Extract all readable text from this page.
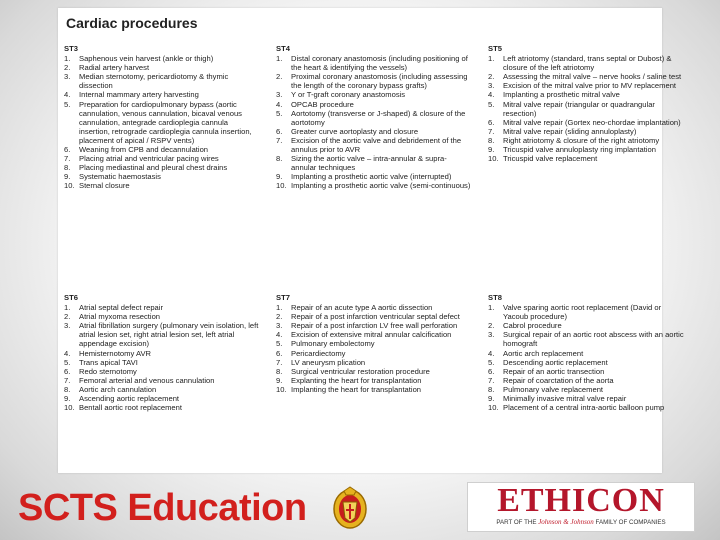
Cardiac procedures
ST3
1.	Saphenous vein harvest (ankle or thigh)
2.	Radial artery harvest
3.	Median sternotomy, pericardiotomy & thymic dissection
4.	Internal mammary artery harvesting
5.	Preparation for cardiopulmonary bypass (aortic cannulation, venous cannulation, bicaval venous cannulation, antegrade cardioplegia cannula insertion, retrograde cardioplegia cannula insertion, placement of apical / RSPV vents)
6.	Weaning from CPB and decannulation
7.	Placing atrial and ventricular pacing wires
8.	Placing mediastinal and pleural chest drains
9.	Systematic haemostasis
10. Sternal closure
ST4
1.	Distal coronary anastomosis (including positioning of the heart & identifying the vessels)
2.	Proximal coronary anastomosis (including assessing the length of the coronary bypass grafts)
3.	Y or T-graft coronary anastomosis
4.	OPCAB procedure
5.	Aortotomy (transverse or J-shaped) & closure of the aortotomy
6.	Greater curve aortoplasty and closure
7.	Excision of the aortic valve and debridement of the annulus prior to AVR
8.	Sizing the aortic valve – intra-annular & supra-annular techniques
9.	Implanting a prosthetic aortic valve (interrupted)
10. Implanting a prosthetic aortic valve (semi-continuous)
ST5
1.	Left atriotomy (standard, trans septal or Dubost) & closure of the left atriotomy
2.	Assessing the mitral valve – nerve hooks / saline test
3.	Excision of the mitral valve prior to MV replacement
4.	Implanting a prosthetic mitral valve
5.	Mitral valve repair (triangular or quadrangular resection)
6.	Mitral valve repair (Gortex neo-chordae implantation)
7.	Mitral valve repair (sliding annuloplasty)
8.	Right atriotomy & closure of the right atriotomy
9.	Tricuspid valve annuloplasty ring implantation
10. Tricuspid valve replacement
ST6
1.	Atrial septal defect repair
2.	Atrial myxoma resection
3.	Atrial fibrillation surgery (pulmonary vein isolation, left atrial lesion set, right atrial lesion set, left atrial appendage excision)
4.	Hemisternotomy AVR
5.	Trans apical TAVI
6.	Redo sternotomy
7.	Femoral arterial and venous cannulation
8.	Aortic arch cannulation
9.	Ascending aortic replacement
10. Bentall aortic root replacement
ST7
1.	Repair of an acute type A aortic dissection
2.	Repair of a post infarction ventricular septal defect
3.	Repair of a post infarction LV free wall perforation
4.	Excision of extensive mitral annular calcification
5.	Pulmonary embolectomy
6.	Pericardiectomy
7.	LV aneurysm plication
8.	Surgical ventricular restoration procedure
9.	Explanting the heart for transplantation
10. Implanting the heart for transplantation
ST8
1.	Valve sparing aortic root replacement (David or Yacoub procedure)
2.	Cabrol procedure
3.	Surgical repair of an aortic root abscess with an aortic homograft
4.	Aortic arch replacement
5.	Descending aortic replacement
6.	Repair of an aortic transection
7.	Repair of coarctation of the aorta
8.	Pulmonary valve replacement
9.	Minimally invasive mitral valve repair
10. Placement of a central intra-aortic balloon pump
SCTS Education	ETHICON
PART OF THE Johnson & Johnson FAMILY OF COMPANIES
